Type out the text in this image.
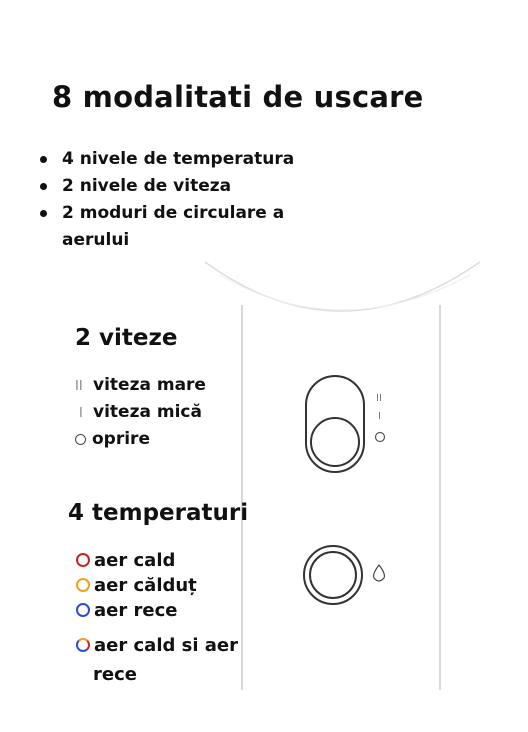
II
I
8 modalitati de uscare
4 nivele de temperatura
2 nivele de viteza
2 moduri de circulare a aerului
2 viteze
II viteza mare
I viteza mică
oprire
4 temperaturi
aer cald
aer călduț
aer rece
aer cald si aer
rece
